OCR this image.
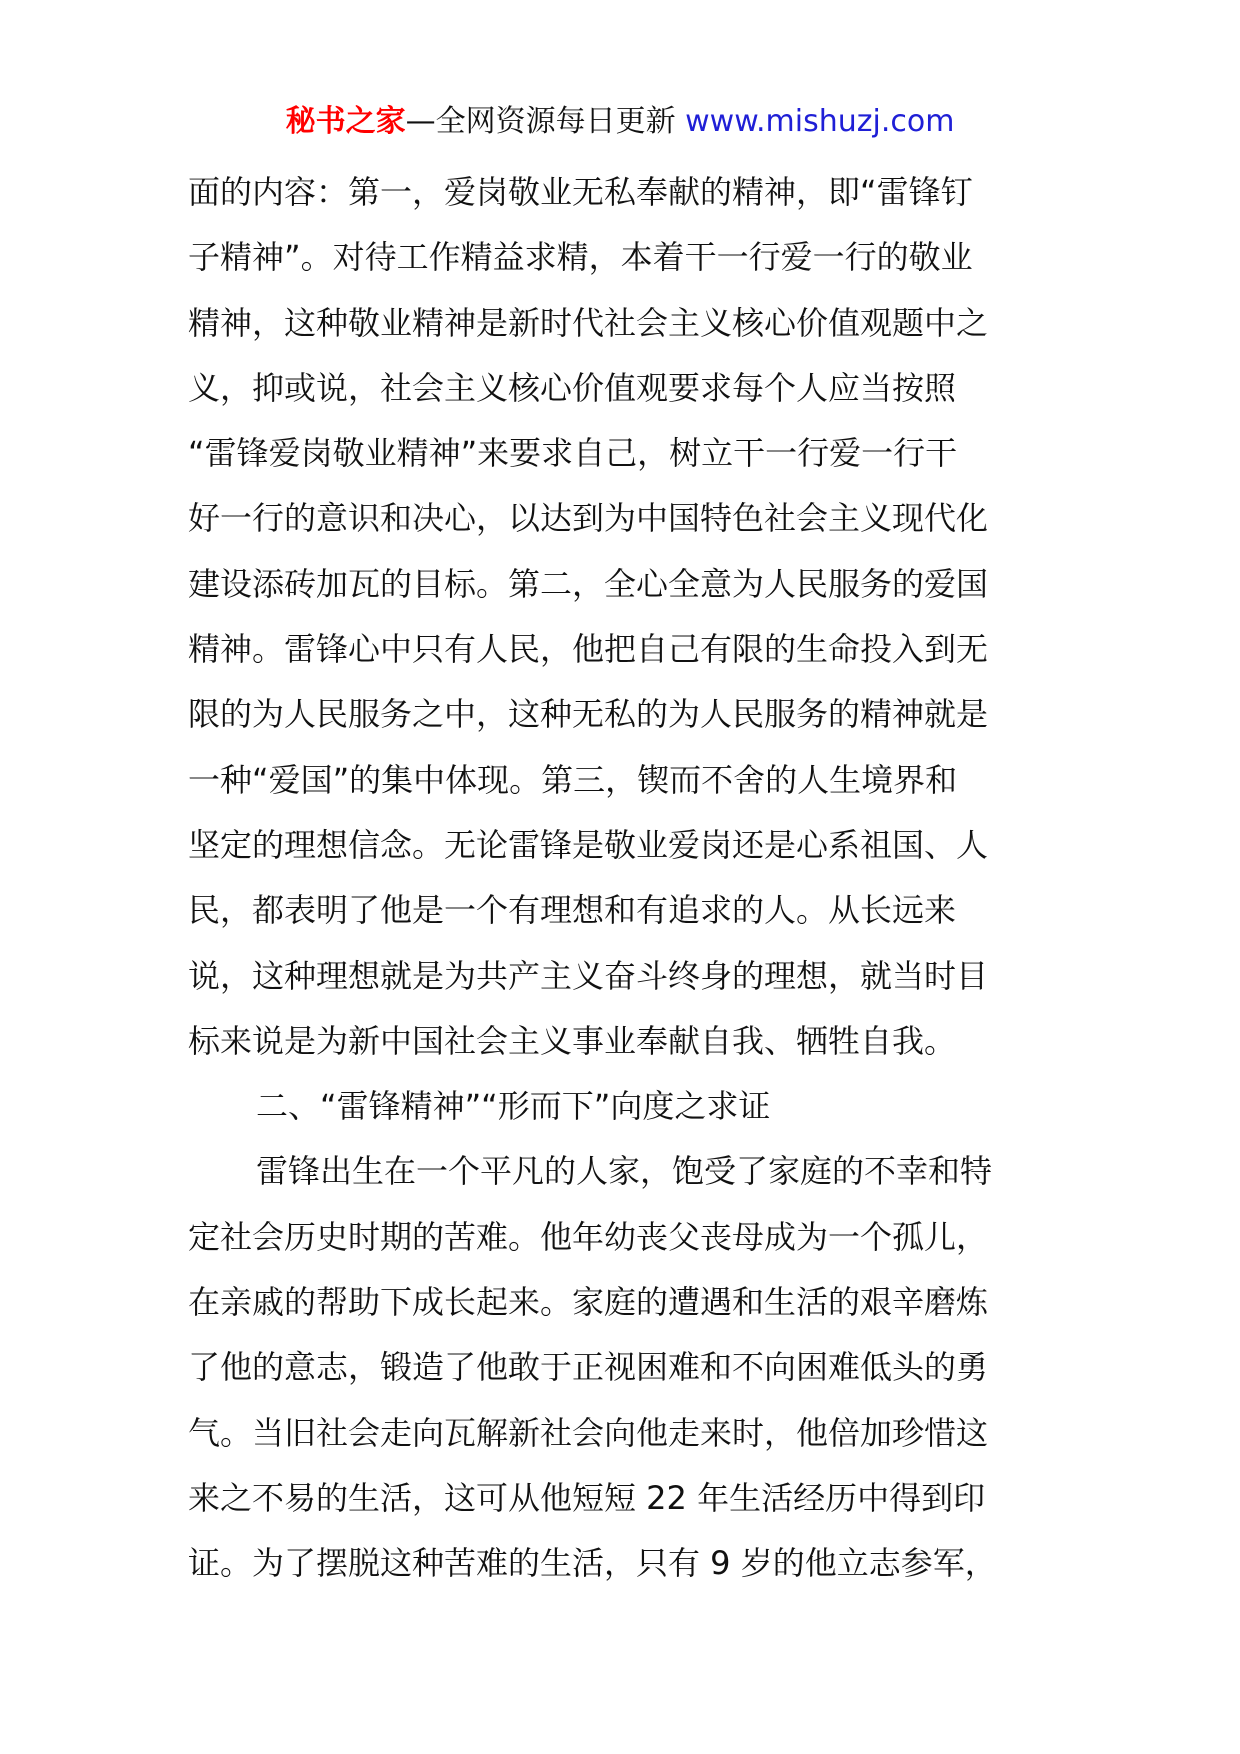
秘书之家—全网资源每日更新 www.mishuzj.com
面的内容：第一，爱岗敬业无私奉献的精神，即“雷锋钉
子精神”。对待工作精益求精，本着干一行爱一行的敬业
精神，这种敬业精神是新时代社会主义核心价值观题中之
义，抑或说，社会主义核心价值观要求每个人应当按照
“雷锋爱岗敬业精神”来要求自己，树立干一行爱一行干
好一行的意识和决心，以达到为中国特色社会主义现代化
建设添砖加瓦的目标。第二，全心全意为人民服务的爱国
精神。雷锋心中只有人民，他把自己有限的生命投入到无
限的为人民服务之中，这种无私的为人民服务的精神就是
一种“爱国”的集中体现。第三，锲而不舍的人生境界和
坚定的理想信念。无论雷锋是敬业爱岗还是心系祖国、人
民，都表明了他是一个有理想和有追求的人。从长远来
说，这种理想就是为共产主义奋斗终身的理想，就当时目
标来说是为新中国社会主义事业奉献自我、牺牲自我。
二、“雷锋精神”“形而下”向度之求证
雷锋出生在一个平凡的人家，饱受了家庭的不幸和特
定社会历史时期的苦难。他年幼丧父丧母成为一个孤儿，
在亲戚的帮助下成长起来。家庭的遭遇和生活的艰辛磨炼
了他的意志，锻造了他敢于正视困难和不向困难低头的勇
气。当旧社会走向瓦解新社会向他走来时，他倍加珍惜这
来之不易的生活，这可从他短短 22 年生活经历中得到印
证。为了摆脱这种苦难的生活，只有 9 岁的他立志参军，
